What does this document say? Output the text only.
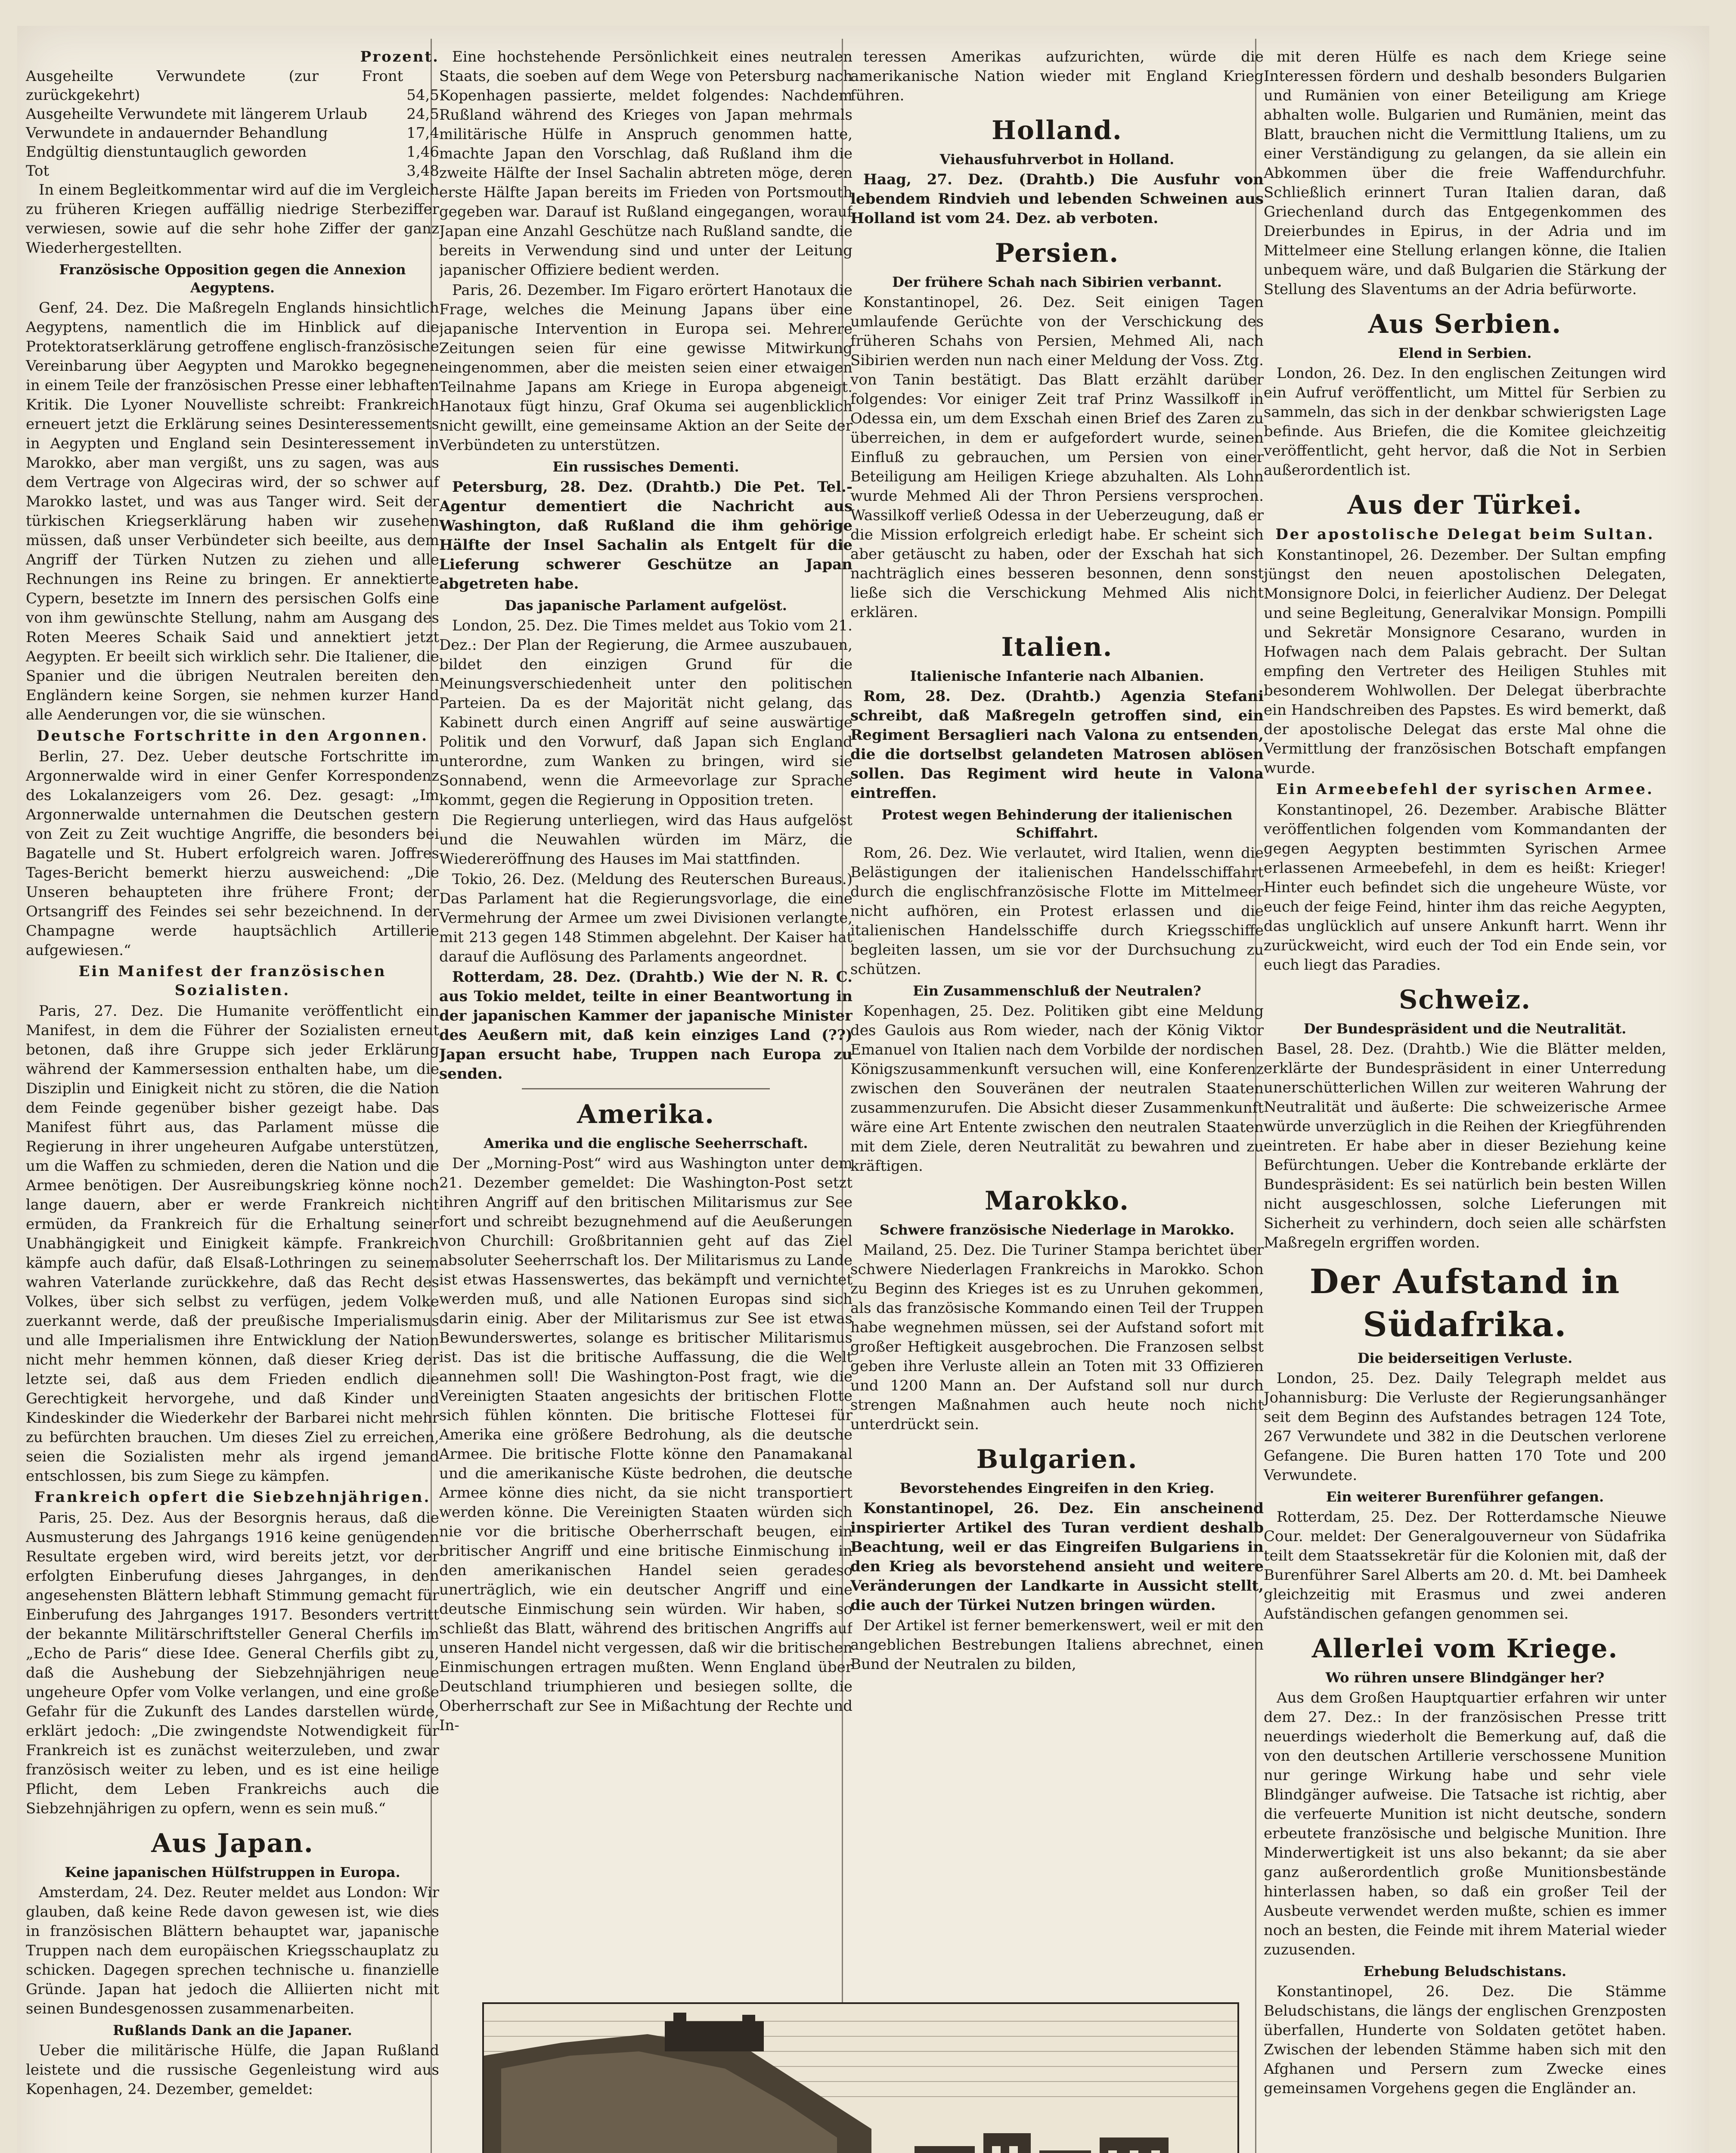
Prozent.
Ausgeheilte Verwundete (zur Front zurückgekehrt)	54,5
Ausgeheilte Verwundete mit längerem Urlaub	24,5
Verwundete in andauernder Behandlung	17,4
Endgültig dienstuntauglich geworden	1,46
Tot	3,48

In einem Begleitkommentar wird auf die im Vergleich zu früheren Kriegen auffällig niedrige Sterbeziffer verwiesen, sowie auf die sehr hohe Ziffer der ganz Wiederhergestellten.

Französische Opposition gegen die Annexion Aegyptens.

Genf, 24. Dez. Die Maßregeln Englands hinsichtlich Aegyptens, namentlich die im Hinblick auf die Protektoratserklärung getroffene englisch-französische Vereinbarung über Aegypten und Marokko begegnen in einem Teile der französischen Presse einer lebhaften Kritik. Die Lyoner Nouvelliste schreibt: Frankreich erneuert jetzt die Erklärung seines Desinteressements in Aegypten und England sein Desinteressement in Marokko, aber man vergißt, uns zu sagen, was aus dem Vertrage von Algeciras wird, der so schwer auf Marokko lastet, und was aus Tanger wird. Seit der türkischen Kriegserklärung haben wir zusehen müssen, daß unser Verbündeter sich beeilte, aus dem Angriff der Türken Nutzen zu ziehen und alle Rechnungen ins Reine zu bringen. Er annektierte Cypern, besetzte im Innern des persischen Golfs eine von ihm gewünschte Stellung, nahm am Ausgang des Roten Meeres Schaik Said und annektiert jetzt Aegypten. Er beeilt sich wirklich sehr. Die Italiener, die Spanier und die übrigen Neutralen bereiten den Engländern keine Sorgen, sie nehmen kurzer Hand alle Aenderungen vor, die sie wünschen.

Deutsche Fortschritte in den Argonnen.

Berlin, 27. Dez. Ueber deutsche Fortschritte im Argonnerwalde wird in einer Genfer Korrespondenz des Lokalanzeigers vom 26. Dez. gesagt: „Im Argonnerwalde unternahmen die Deutschen gestern von Zeit zu Zeit wuchtige Angriffe, die besonders bei Bagatelle und St. Hubert erfolgreich waren. Joffres Tages-Bericht bemerkt hierzu ausweichend: „Die Unseren behaupteten ihre frühere Front; der Ortsangriff des Feindes sei sehr bezeichnend. In der Champagne werde hauptsächlich Artillerie aufgewiesen.“

Ein Manifest der französischen Sozialisten.

Paris, 27. Dez. Die Humanite veröffentlicht ein Manifest, in dem die Führer der Sozialisten erneut betonen, daß ihre Gruppe sich jeder Erklärung während der Kammersession enthalten habe, um die Disziplin und Einigkeit nicht zu stören, die die Nation dem Feinde gegenüber bisher gezeigt habe. Das Manifest führt aus, das Parlament müsse die Regierung in ihrer ungeheuren Aufgabe unterstützen, um die Waffen zu schmieden, deren die Nation und die Armee benötigen. Der Ausreibungskrieg könne noch lange dauern, aber er werde Frankreich nicht ermüden, da Frankreich für die Erhaltung seiner Unabhängigkeit und Einigkeit kämpfe. Frankreich kämpfe auch dafür, daß Elsaß-Lothringen zu seinem wahren Vaterlande zurückkehre, daß das Recht des Volkes, über sich selbst zu verfügen, jedem Volke zuerkannt werde, daß der preußische Imperialismus und alle Imperialismen ihre Entwicklung der Nation nicht mehr hemmen können, daß dieser Krieg der letzte sei, daß aus dem Frieden endlich die Gerechtigkeit hervorgehe, und daß Kinder und Kindeskinder die Wiederkehr der Barbarei nicht mehr zu befürchten brauchen. Um dieses Ziel zu erreichen, seien die Sozialisten mehr als irgend jemand entschlossen, bis zum Siege zu kämpfen.

Frankreich opfert die Siebzehnjährigen.

Paris, 25. Dez. Aus der Besorgnis heraus, daß die Ausmusterung des Jahrgangs 1916 keine genügenden Resultate ergeben wird, wird bereits jetzt, vor der erfolgten Einberufung dieses Jahrganges, in den angesehensten Blättern lebhaft Stimmung gemacht für Einberufung des Jahrganges 1917. Besonders vertritt der bekannte Militärschriftsteller General Cherfils im „Echo de Paris“ diese Idee. General Cherfils gibt zu, daß die Aushebung der Siebzehnjährigen neue ungeheure Opfer vom Volke verlangen, und eine große Gefahr für die Zukunft des Landes darstellen würde, erklärt jedoch: „Die zwingendste Notwendigkeit für Frankreich ist es zunächst weiterzuleben, und zwar französisch weiter zu leben, und es ist eine heilige Pflicht, dem Leben Frankreichs auch die Siebzehnjährigen zu opfern, wenn es sein muß.“

Aus Japan.
Keine japanischen Hülfstruppen in Europa.

Amsterdam, 24. Dez. Reuter meldet aus London: Wir glauben, daß keine Rede davon gewesen ist, wie dies in französischen Blättern behauptet war, japanische Truppen nach dem europäischen Kriegsschauplatz zu schicken. Dagegen sprechen technische u. finanzielle Gründe. Japan hat jedoch die Alliierten nicht mit seinen Bundesgenossen zusammenarbeiten.

Rußlands Dank an die Japaner.

Ueber die militärische Hülfe, die Japan Rußland leistete und die russische Gegenleistung wird aus Kopenhagen, 24. Dezember, gemeldet:

Eine hochstehende Persönlichkeit eines neutralen Staats, die soeben auf dem Wege von Petersburg nach Kopenhagen passierte, meldet folgendes: Nachdem Rußland während des Krieges von Japan mehrmals militärische Hülfe in Anspruch genommen hatte, machte Japan den Vorschlag, daß Rußland ihm die zweite Hälfte der Insel Sachalin abtreten möge, deren erste Hälfte Japan bereits im Frieden von Portsmouth gegeben war. Darauf ist Rußland eingegangen, worauf Japan eine Anzahl Geschütze nach Rußland sandte, die bereits in Verwendung sind und unter der Leitung japanischer Offiziere bedient werden.

Paris, 26. Dezember. Im Figaro erörtert Hanotaux die Frage, welches die Meinung Japans über eine japanische Intervention in Europa sei. Mehrere Zeitungen seien für eine gewisse Mitwirkung eingenommen, aber die meisten seien einer etwaigen Teilnahme Japans am Kriege in Europa abgeneigt. Hanotaux fügt hinzu, Graf Okuma sei augenblicklich nicht gewillt, eine gemeinsame Aktion an der Seite der Verbündeten zu unterstützen.

Ein russisches Dementi.

Petersburg, 28. Dez. (Drahtb.) Die Pet. Tel.-Agentur dementiert die Nachricht aus Washington, daß Rußland die ihm gehörige Hälfte der Insel Sachalin als Entgelt für die Lieferung schwerer Geschütze an Japan abgetreten habe.

Das japanische Parlament aufgelöst.

London, 25. Dez. Die Times meldet aus Tokio vom 21. Dez.: Der Plan der Regierung, die Armee auszubauen, bildet den einzigen Grund für die Meinungsverschiedenheit unter den politischen Parteien. Da es der Majorität nicht gelang, das Kabinett durch einen Angriff auf seine auswärtige Politik und den Vorwurf, daß Japan sich England unterordne, zum Wanken zu bringen, wird sie Sonnabend, wenn die Armeevorlage zur Sprache kommt, gegen die Regierung in Opposition treten.

Die Regierung unterliegen, wird das Haus aufgelöst und die Neuwahlen würden im März, die Wiedereröffnung des Hauses im Mai stattfinden.

Tokio, 26. Dez. (Meldung des Reuterschen Bureaus.) Das Parlament hat die Regierungsvorlage, die eine Vermehrung der Armee um zwei Divisionen verlangte, mit 213 gegen 148 Stimmen abgelehnt. Der Kaiser hat darauf die Auflösung des Parlaments angeordnet.

Rotterdam, 28. Dez. (Drahtb.) Wie der N. R. C. aus Tokio meldet, teilte in einer Beantwortung in der japanischen Kammer der japanische Minister des Aeußern mit, daß kein einziges Land (??) Japan ersucht habe, Truppen nach Europa zu senden.

Amerika.
Amerika und die englische Seeherrschaft.

Der „Morning-Post“ wird aus Washington unter dem 21. Dezember gemeldet: Die Washington-Post setzt ihren Angriff auf den britischen Militarismus zur See fort und schreibt bezugnehmend auf die Aeußerungen von Churchill: Großbritannien geht auf das Ziel absoluter Seeherrschaft los. Der Militarismus zu Lande ist etwas Hassenswertes, das bekämpft und vernichtet werden muß, und alle Nationen Europas sind sich darin einig. Aber der Militarismus zur See ist etwas Bewunderswertes, solange es britischer Militarismus ist. Das ist die britische Auffassung, die die Welt annehmen soll! Die Washington-Post fragt, wie die Vereinigten Staaten angesichts der britischen Flotte sich fühlen könnten. Die britische Flottesei für Amerika eine größere Bedrohung, als die deutsche Armee. Die britische Flotte könne den Panamakanal und die amerikanische Küste bedrohen, die deutsche Armee könne dies nicht, da sie nicht transportiert werden könne. Die Vereinigten Staaten würden sich nie vor die britische Oberherrschaft beugen, ein britischer Angriff und eine britische Einmischung in den amerikanischen Handel seien geradeso unerträglich, wie ein deutscher Angriff und eine deutsche Einmischung sein würden. Wir haben, so schließt das Blatt, während des britischen Angriffs auf unseren Handel nicht vergessen, daß wir die britischen Einmischungen ertragen mußten. Wenn England über Deutschland triumphieren und besiegen sollte, die Oberherrschaft zur See in Mißachtung der Rechte und In-

teressen Amerikas aufzurichten, würde die amerikanische Nation wieder mit England Krieg führen.

Holland.
Viehausfuhrverbot in Holland.

Haag, 27. Dez. (Drahtb.) Die Ausfuhr von lebendem Rindvieh und lebenden Schweinen aus Holland ist vom 24. Dez. ab verboten.

Persien.
Der frühere Schah nach Sibirien verbannt.

Konstantinopel, 26. Dez. Seit einigen Tagen umlaufende Gerüchte von der Verschickung des früheren Schahs von Persien, Mehmed Ali, nach Sibirien werden nun nach einer Meldung der Voss. Ztg. von Tanin bestätigt. Das Blatt erzählt darüber folgendes: Vor einiger Zeit traf Prinz Wassilkoff in Odessa ein, um dem Exschah einen Brief des Zaren zu überreichen, in dem er aufgefordert wurde, seinen Einfluß zu gebrauchen, um Persien von einer Beteiligung am Heiligen Kriege abzuhalten. Als Lohn wurde Mehmed Ali der Thron Persiens versprochen. Wassilkoff verließ Odessa in der Ueberzeugung, daß er die Mission erfolgreich erledigt habe. Er scheint sich aber getäuscht zu haben, oder der Exschah hat sich nachträglich eines besseren besonnen, denn sonst ließe sich die Verschickung Mehmed Alis nicht erklären.

Italien.
Italienische Infanterie nach Albanien.

Rom, 28. Dez. (Drahtb.) Agenzia Stefani schreibt, daß Maßregeln getroffen sind, ein Regiment Bersaglieri nach Valona zu entsenden, die die dortselbst gelandeten Matrosen ablösen sollen. Das Regiment wird heute in Valona eintreffen.

Protest wegen Behinderung der italienischen Schiffahrt.

Rom, 26. Dez. Wie verlautet, wird Italien, wenn die Belästigungen der italienischen Handelsschiffahrt durch die englischfranzösische Flotte im Mittelmeer nicht aufhören, ein Protest erlassen und die italienischen Handelsschiffe durch Kriegsschiffe begleiten lassen, um sie vor der Durchsuchung zu schützen.

Ein Zusammenschluß der Neutralen?

Kopenhagen, 25. Dez. Politiken gibt eine Meldung des Gaulois aus Rom wieder, nach der König Viktor Emanuel von Italien nach dem Vorbilde der nordischen Königszusammenkunft versuchen will, eine Konferenz zwischen den Souveränen der neutralen Staaten zusammenzurufen. Die Absicht dieser Zusammenkunft wäre eine Art Entente zwischen den neutralen Staaten mit dem Ziele, deren Neutralität zu bewahren und zu kräftigen.

Marokko.
Schwere französische Niederlage in Marokko.

Mailand, 25. Dez. Die Turiner Stampa berichtet über schwere Niederlagen Frankreichs in Marokko. Schon zu Beginn des Krieges ist es zu Unruhen gekommen, als das französische Kommando einen Teil der Truppen habe wegnehmen müssen, sei der Aufstand sofort mit großer Heftigkeit ausgebrochen. Die Franzosen selbst geben ihre Verluste allein an Toten mit 33 Offizieren und 1200 Mann an. Der Aufstand soll nur durch strengen Maßnahmen auch heute noch nicht unterdrückt sein.

Bulgarien.
Bevorstehendes Eingreifen in den Krieg.

Konstantinopel, 26. Dez. Ein anscheinend inspirierter Artikel des Turan verdient deshalb Beachtung, weil er das Eingreifen Bulgariens in den Krieg als bevorstehend ansieht und weitere Veränderungen der Landkarte in Aussicht stellt, die auch der Türkei Nutzen bringen würden.

Der Artikel ist ferner bemerkenswert, weil er mit den angeblichen Bestrebungen Italiens abrechnet, einen Bund der Neutralen zu bilden,

mit deren Hülfe es nach dem Kriege seine Interessen fördern und deshalb besonders Bulgarien und Rumänien von einer Beteiligung am Kriege abhalten wolle. Bulgarien und Rumänien, meint das Blatt, brauchen nicht die Vermittlung Italiens, um zu einer Verständigung zu gelangen, da sie allein ein Abkommen über die freie Waffendurchfuhr. Schließlich erinnert Turan Italien daran, daß Griechenland durch das Entgegenkommen des Dreierbundes in Epirus, in der Adria und im Mittelmeer eine Stellung erlangen könne, die Italien unbequem wäre, und daß Bulgarien die Stärkung der Stellung des Slaventums an der Adria befürworte.

Aus Serbien.
Elend in Serbien.

London, 26. Dez. In den englischen Zeitungen wird ein Aufruf veröffentlicht, um Mittel für Serbien zu sammeln, das sich in der denkbar schwierigsten Lage befinde. Aus Briefen, die die Komitee gleichzeitig veröffentlicht, geht hervor, daß die Not in Serbien außerordentlich ist.

Aus der Türkei.
Der apostolische Delegat beim Sultan.

Konstantinopel, 26. Dezember. Der Sultan empfing jüngst den neuen apostolischen Delegaten, Monsignore Dolci, in feierlicher Audienz. Der Delegat und seine Begleitung, Generalvikar Monsign. Pompilli und Sekretär Monsignore Cesarano, wurden in Hofwagen nach dem Palais gebracht. Der Sultan empfing den Vertreter des Heiligen Stuhles mit besonderem Wohlwollen. Der Delegat überbrachte ein Handschreiben des Papstes. Es wird bemerkt, daß der apostolische Delegat das erste Mal ohne die Vermittlung der französischen Botschaft empfangen wurde.

Ein Armeebefehl der syrischen Armee.

Konstantinopel, 26. Dezember. Arabische Blätter veröffentlichen folgenden vom Kommandanten der gegen Aegypten bestimmten Syrischen Armee erlassenen Armeebefehl, in dem es heißt: Krieger! Hinter euch befindet sich die ungeheure Wüste, vor euch der feige Feind, hinter ihm das reiche Aegypten, das unglücklich auf unsere Ankunft harrt. Wenn ihr zurückweicht, wird euch der Tod ein Ende sein, vor euch liegt das Paradies.

Schweiz.
Der Bundespräsident und die Neutralität.

Basel, 28. Dez. (Drahtb.) Wie die Blätter melden, erklärte der Bundespräsident in einer Unterredung unerschütterlichen Willen zur weiteren Wahrung der Neutralität und äußerte: Die schweizerische Armee würde unverzüglich in die Reihen der Kriegführenden eintreten. Er habe aber in dieser Beziehung keine Befürchtungen. Ueber die Kontrebande erklärte der Bundespräsident: Es sei natürlich bein besten Willen nicht ausgeschlossen, solche Lieferungen mit Sicherheit zu verhindern, doch seien alle schärfsten Maßregeln ergriffen worden.

Der Aufstand in Südafrika.
Die beiderseitigen Verluste.

London, 25. Dez. Daily Telegraph meldet aus Johannisburg: Die Verluste der Regierungsanhänger seit dem Beginn des Aufstandes betragen 124 Tote, 267 Verwundete und 382 in die Deutschen verlorene Gefangene. Die Buren hatten 170 Tote und 200 Verwundete.

Ein weiterer Burenführer gefangen.

Rotterdam, 25. Dez. Der Rotterdamsche Nieuwe Cour. meldet: Der Generalgouverneur von Südafrika teilt dem Staatssekretär für die Kolonien mit, daß der Burenführer Sarel Alberts am 20. d. Mt. bei Damheek gleichzeitig mit Erasmus und zwei anderen Aufständischen gefangen genommen sei.

Allerlei vom Kriege.
Wo rühren unsere Blindgänger her?

Aus dem Großen Hauptquartier erfahren wir unter dem 27. Dez.: In der französischen Presse tritt neuerdings wiederholt die Bemerkung auf, daß die von den deutschen Artillerie verschossene Munition nur geringe Wirkung habe und sehr viele Blindgänger aufweise. Die Tatsache ist richtig, aber die verfeuerte Munition ist nicht deutsche, sondern erbeutete französische und belgische Munition. Ihre Minderwertigkeit ist uns also bekannt; da sie aber ganz außerordentlich große Munitionsbestände hinterlassen haben, so daß ein großer Teil der Ausbeute verwendet werden mußte, schien es immer noch an besten, die Feinde mit ihrem Material wieder zuzusenden.

Erhebung Beludschistans.

Konstantinopel, 26. Dez. Die Stämme Beludschistans, die längs der englischen Grenzposten überfallen, Hunderte von Soldaten getötet haben. Zwischen der lebenden Stämme haben sich mit den Afghanen und Persern zum Zwecke eines gemeinsamen Vorgehens gegen die Engländer an.
